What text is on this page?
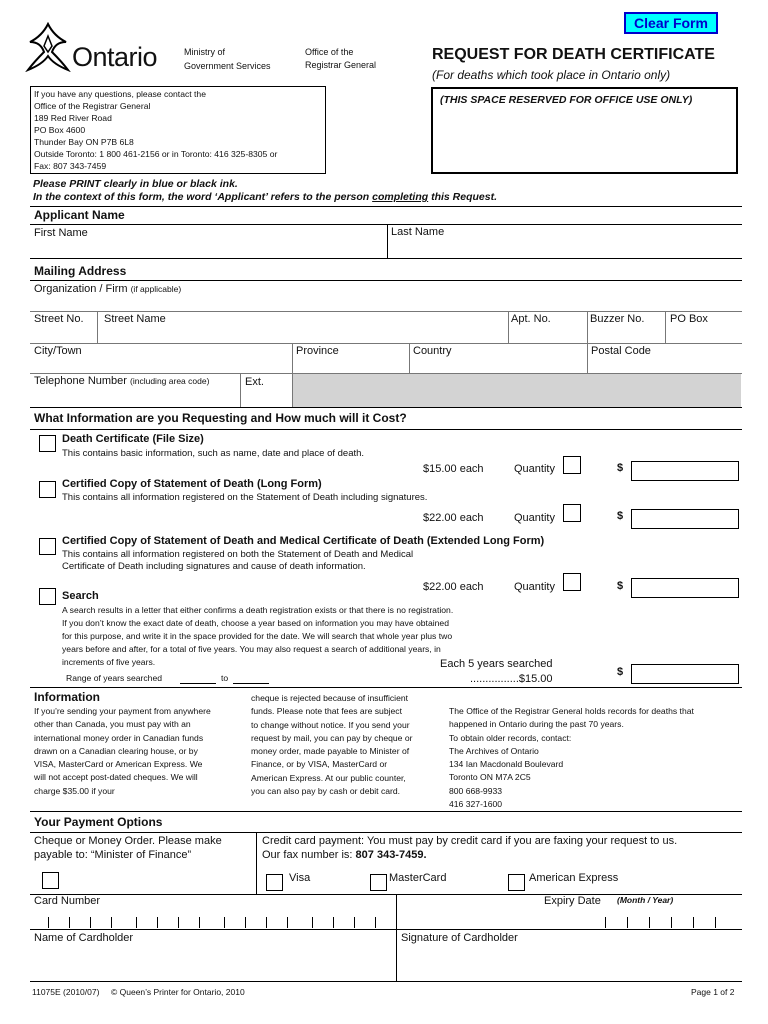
Clear Form
Ontario	Ministry of
Government Services
Office of the
Registrar General
REQUEST FOR DEATH CERTIFICATE
(For deaths which took place in Ontario only)
(THIS SPACE RESERVED FOR OFFICE USE ONLY)
If you have any questions, please contact the
Office of the Registrar General
189 Red River Road
PO Box 4600
Thunder Bay ON P7B 6L8
Outside Toronto: 1 800 461-2156 or in Toronto: 416 325-8305 or
Fax: 807 343-7459
Please PRINT clearly in blue or black ink.
In the context of this form, the word ‘Applicant’ refers to the person completing this Request.
Applicant Name
First Name	Last Name
Mailing Address
Organization / Firm (if applicable)
Street No. Street Name	Apt. No.	Buzzer No. PO Box
City/Town	Province	Country	Postal Code
Telephone Number (including area code)	Ext.
What Information are you Requesting and How much will it Cost?
Death Certificate (File Size)
This contains basic information, such as name, date and place of death.
$15.00 each	Quantity	$
Certified Copy of Statement of Death (Long Form)
This contains all information registered on the Statement of Death including signatures.
$22.00 each	Quantity	$
Certified Copy of Statement of Death and Medical Certificate of Death (Extended Long Form)
This contains all information registered on both the Statement of Death and Medical
Certificate of Death including signatures and cause of death information.
$22.00 each	Quantity	$
Search
A search results in a letter that either confirms a death registration exists or that there is no registration.
If you don’t know the exact date of death, choose a year based on information you may have obtained
for this purpose, and write it in the space provided for the date. We will search that whole year plus two
years before and after, for a total of five years. You may also request a search of additional years, in
increments of five years.
Range of years searched	to
Each 5 years searched
................$15.00
$
Information
If you’re sending your payment from anywhere
other than Canada, you must pay with an
international money order in Canadian funds
drawn on a Canadian clearing house, or by
VISA, MasterCard or American Express. We
will not accept post-dated cheques. We will
charge $35.00 if your
cheque is rejected because of insufficient
funds. Please note that fees are subject
to change without notice. If you send your
request by mail, you can pay by cheque or
money order, made payable to Minister of
Finance, or by VISA, MasterCard or
American Express. At our public counter,
you can also pay by cash or debit card.
The Office of the Registrar General holds records for deaths that
happened in Ontario during the past 70 years.
To obtain older records, contact:
The Archives of Ontario
134 Ian Macdonald Boulevard
Toronto ON M7A 2C5
800 668-9933
416 327-1600
Your Payment Options
Cheque or Money Order. Please make
payable to: “Minister of Finance”
Credit card payment: You must pay by credit card if you are faxing your request to us.
Our fax number is: 807 343-7459.
Visa	MasterCard	American Express
Card Number	Expiry Date (Month / Year)
Name of Cardholder	Signature of Cardholder
11075E (2010/07) © Queen’s Printer for Ontario, 2010	Page 1 of 2
